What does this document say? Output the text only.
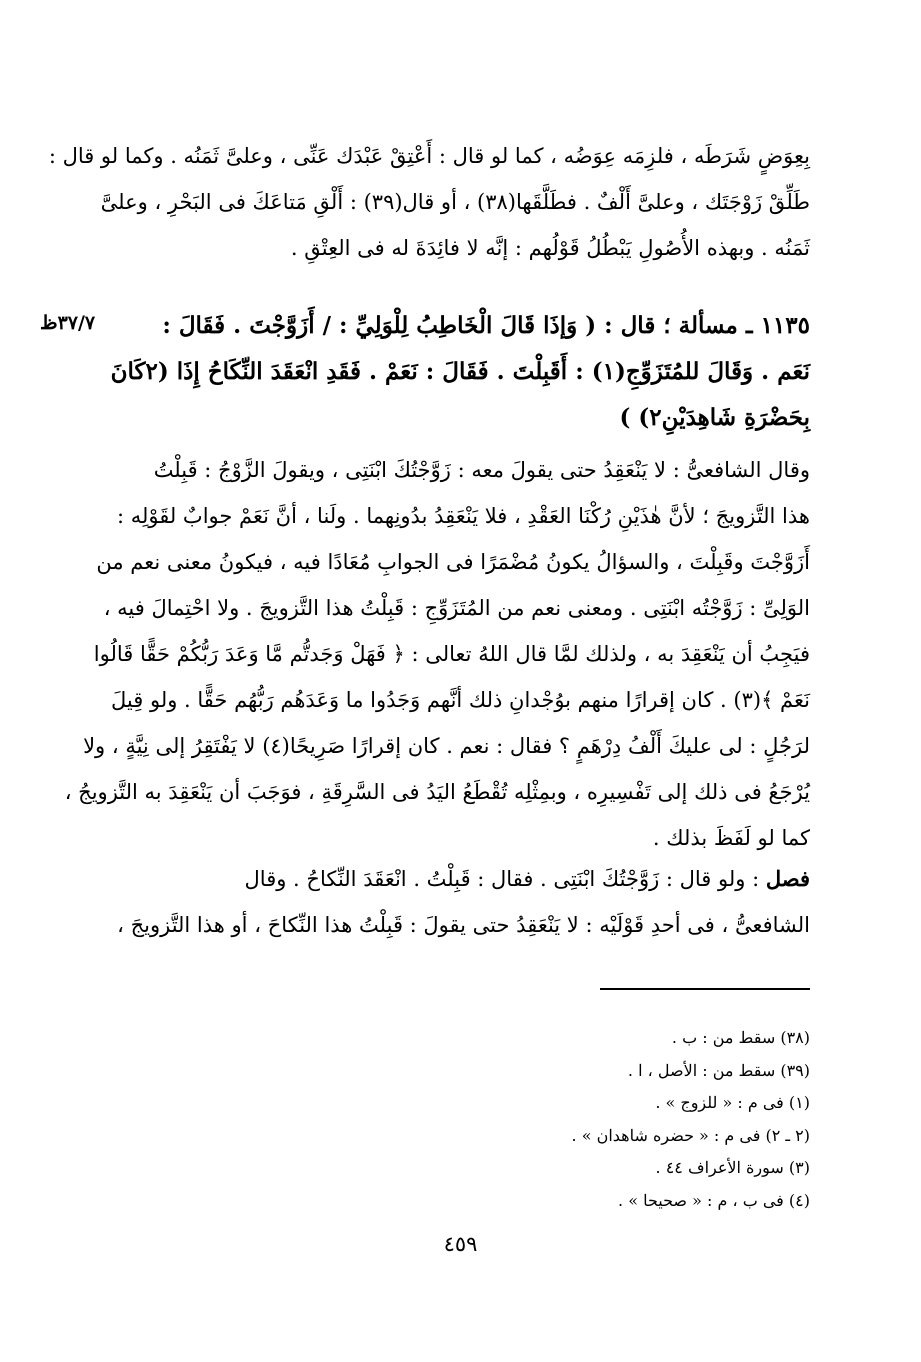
بِعِوَضٍ شَرَطَه ، فلزِمَه عِوَضُه ، كما لو قال : أَعْتِقْ عَبْدَك عَنِّى ، وعلىَّ ثَمَنُه . وكما لو قال :
طَلِّقْ زَوْجَتَك ، وعلىَّ أَلْفٌ . فطَلَّقَها(٣٨) ، أو قال(٣٩) : أَلْقِ مَتاعَكَ فى البَحْرِ ، وعلىَّ
ثَمَنُه . وبهذه الأُصُولِ يَبْطُلُ قَوْلُهم : إنَّه لا فائِدَةَ له فى العِتْقِ .
٣٧/٧ظ	١١٣٥ ـ مسألة ؛ قال : ( وَإذَا قَالَ الْخَاطِبُ لِلْوَلِيِّ : / أَزَوَّجْتَ . فَقَالَ :
نَعَم . وَقَالَ للمُتَزَوِّجِ(١) : أَقَبِلْتَ . فَقَالَ : نَعَمْ . فَقَدِ انْعَقَدَ النِّكَاحُ إِذَا (٢كَانَ
بِحَضْرَةِ شَاهِدَيْنِ٢) )
وقال الشافعىُّ : لا يَنْعَقِدُ حتى يقولَ معه : زَوَّجْتُكَ ابْنَتِى ، ويقولَ الزَّوْجُ : قَبِلْتُ
هذا التَّزويجَ ؛ لأنَّ هٰذَيْنِ رُكْنَا العَقْدِ ، فلا يَنْعَقِدُ بدُونِهما . ولَنا ، أنَّ نَعَمْ جوابٌ لقَوْلِه :
أَزَوَّجْتَ وقَبِلْتَ ، والسؤالُ يكونُ مُضْمَرًا فى الجوابِ مُعَادًا فيه ، فيكونُ معنى نعم من
الوَلِىِّ : زَوَّجْتُه ابْنَتِى . ومعنى نعم من المُتَزَوِّجِ : قَبِلْتُ هذا التَّزويجَ . ولا احْتِمالَ فيه ،
فيَجِبُ أن يَنْعَقِدَ به ، ولذلك لمَّا قال اللهُ تعالى : ﴿ فَهَلْ وَجَدتُّم مَّا وَعَدَ رَبُّكُمْ حَقًّا قَالُوا
نَعَمْ ﴾(٣) . كان إقرارًا منهم بوُجْدانِ ذلك أنَّهم وَجَدُوا ما وَعَدَهُم رَبُّهُم حَقًّا . ولو قِيلَ
لرَجُلٍ : لى عليكَ أَلْفُ دِرْهَمٍ ؟ فقال : نعم . كان إقرارًا صَرِيحًا(٤) لا يَفْتَقِرُ إلى نِيَّةٍ ، ولا
يُرْجَعُ فى ذلك إلى تَفْسِيرِه ، وبمِثْلِه تُقْطَعُ اليَدُ فى السَّرِقَةِ ، فوَجَبَ أن يَنْعَقِدَ به التَّزويجُ ،
كما لو لَفَظَ بذلك .
فصل : ولو قال : زَوَّجْتُكَ ابْنَتِى . فقال : قَبِلْتُ . انْعَقَدَ النِّكاحُ . وقال
الشافعىُّ ، فى أحدِ قَوْلَيْه : لا يَنْعَقِدُ حتى يقولَ : قَبِلْتُ هذا النِّكاحَ ، أو هذا التَّزويجَ ،
(٣٨) سقط من : ب .
(٣٩) سقط من : الأصل ، ا .
(١) فى م : « للزوج » .
(٢ ـ ٢) فى م : « حضره شاهدان » .
(٣) سورة الأعراف ٤٤ .
(٤) فى ب ، م : « صحيحا » .
٤٥٩
